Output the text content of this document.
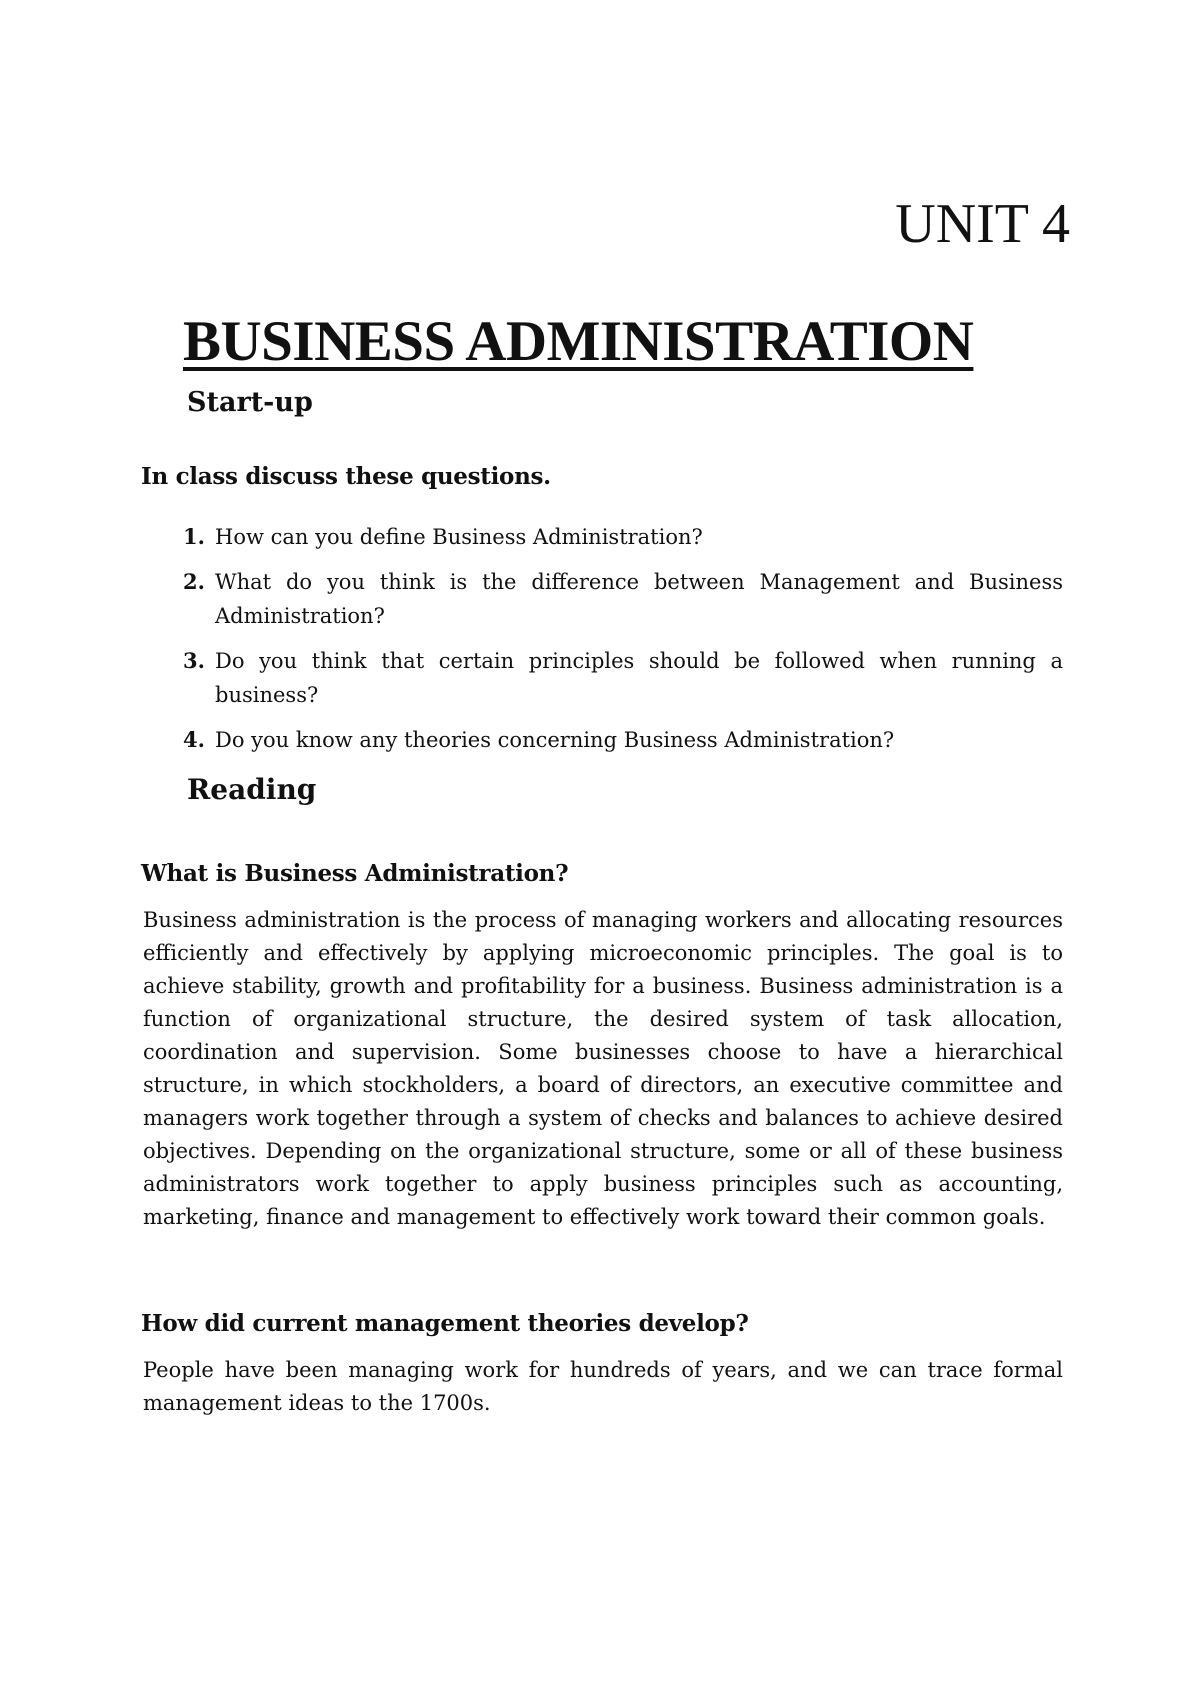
UNIT 4
BUSINESS ADMINISTRATION
Start-up
In class discuss these questions.
1. How can you define Business Administration?
2. What do you think is the difference between Management and Business Administration?
3. Do you think that certain principles should be followed when running a business?
4. Do you know any theories concerning Business Administration?
Reading
What is Business Administration?

Business administration is the process of managing workers and allocating resources efficiently and effectively by applying microeconomic principles. The goal is to achieve stability, growth and profitability for a business. Business administration is a function of organizational structure, the desired system of task allocation, coordination and supervision. Some businesses choose to have a hierarchical structure, in which stockholders, a board of directors, an executive committee and managers work together through a system of checks and balances to achieve desired objectives. Depending on the organizational structure, some or all of these business administrators work together to apply business principles such as accounting, marketing, finance and management to effectively work toward their common goals.

How did current management theories develop?

People have been managing work for hundreds of years, and we can trace formal management ideas to the 1700s.
